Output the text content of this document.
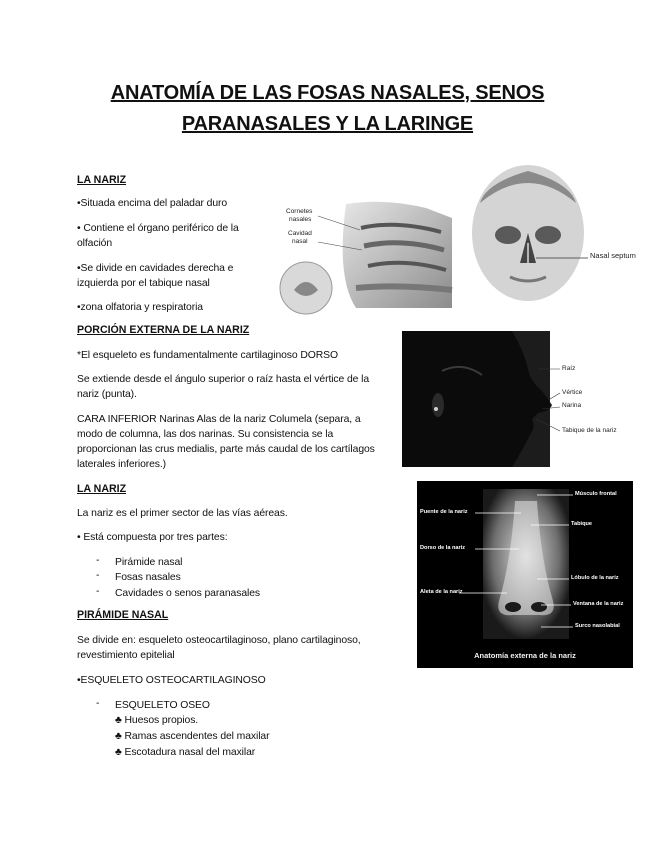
ANATOMÍA DE LAS FOSAS NASALES, SENOS
PARANASALES Y LA LARINGE
LA NARIZ
•Situada encima del paladar duro
• Contiene el órgano periférico de la
olfación
•Se divide en cavidades derecha e
izquierda por el tabique nasal
•zona olfatoria y respiratoria
Cornetes
nasales
Cavidad
nasal
Nasal septum
PORCIÓN EXTERNA DE LA NARIZ
*El esqueleto es fundamentalmente cartilaginoso DORSO
Se extiende desde el ángulo superior o raíz hasta el vértice de la
nariz (punta).
CARA INFERIOR Narinas Alas de la nariz Columela (separa, a
modo de columna, las dos narinas. Su consistencia se la
proporcionan las crus medialis, parte más caudal de los cartílagos
laterales inferiores.)
Raíz
Vértice
Narina
Tabique de la nariz
LA NARIZ
La nariz es el primer sector de las vías aéreas.
• Está compuesta por tres partes:
- Pirámide nasal
- Fosas nasales
- Cavidades o senos paranasales
Puente de la nariz
Dorso de la nariz
Aleta de la nariz
Músculo frontal
Tabique
Lóbulo de la nariz
Ventana de la nariz
Surco nasolabial
Anatomía externa de la nariz
PIRÁMIDE NASAL
Se divide en: esqueleto osteocartilaginoso, plano cartilaginoso,
revestimiento epitelial
•ESQUELETO OSTEOCARTILAGINOSO
- ESQUELETO OSEO
♣ Huesos propios.
♣ Ramas ascendentes del maxilar
♣ Escotadura nasal del maxilar
